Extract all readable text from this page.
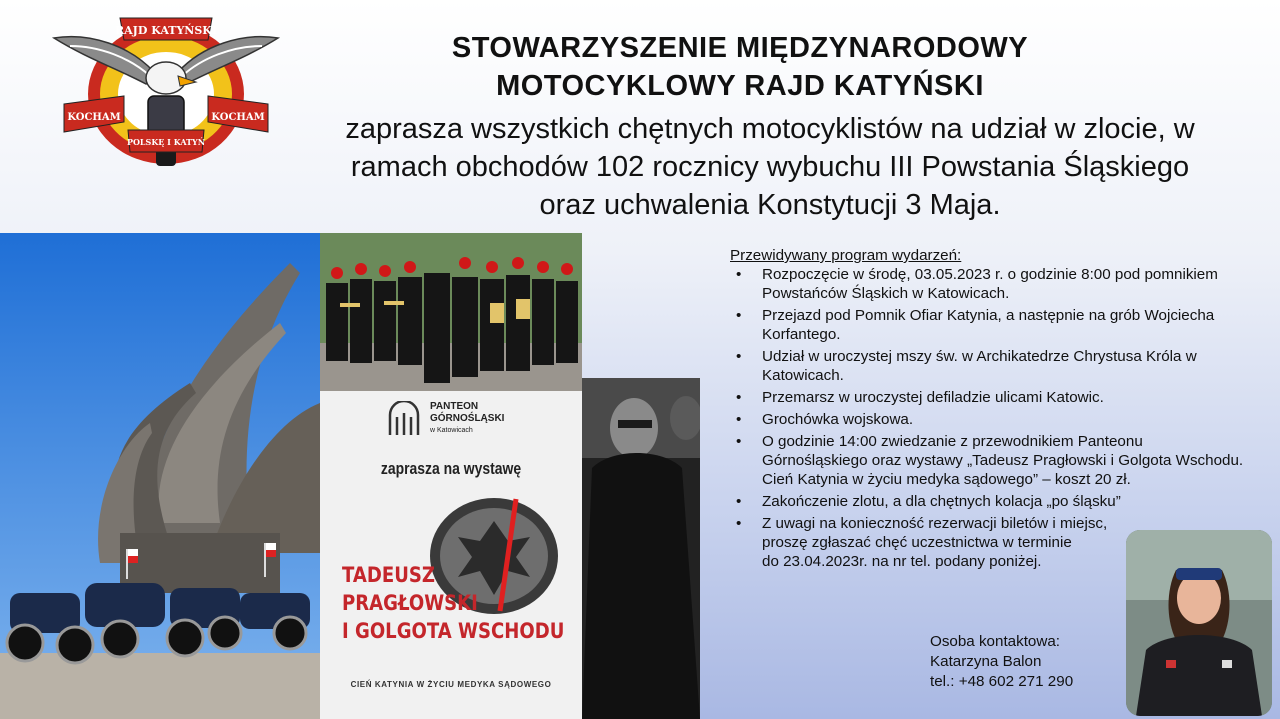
RAJD KATYŃSKI
KOCHAM	KOCHAM
POLSKĘ I KATYŃ
STOWARZYSZENIE MIĘDZYNARODOWY
MOTOCYKLOWY RAJD KATYŃSKI
zaprasza wszystkich chętnych motocyklistów na udział w zlocie, w
ramach obchodów 102 rocznicy wybuchu III Powstania Śląskiego
oraz uchwalenia Konstytucji 3 Maja.
PANTEON
GÓRNOŚLĄSKI
w Katowicach
zaprasza na wystawę
TADEUSZ
PRAGŁOWSKI
I GOLGOTA WSCHODU
CIEŃ KATYNIA W ŻYCIU MEDYKA SĄDOWEGO
Przewidywany program wydarzeń:
• Rozpoczęcie w środę, 03.05.2023 r. o godzinie 8:00 pod pomnikiem Powstańców Śląskich w Katowicach.
• Przejazd pod Pomnik Ofiar Katynia, a następnie na grób Wojciecha Korfantego.
• Udział w uroczystej mszy św. w Archikatedrze Chrystusa Króla w Katowicach.
• Przemarsz w uroczystej defiladzie ulicami Katowic.
• Grochówka wojskowa.
• O godzinie 14:00 zwiedzanie z przewodnikiem Panteonu Górnośląskiego oraz wystawy „Tadeusz Pragłowski i Golgota Wschodu. Cień Katynia w życiu medyka sądowego” – koszt 20 zł.
• Zakończenie zlotu, a dla chętnych kolacja „po śląsku”
• Z uwagi na konieczność rezerwacji biletów i miejsc,
proszę zgłaszać chęć uczestnictwa w terminie
do 23.04.2023r. na nr tel. podany poniżej.
Osoba kontaktowa:
Katarzyna Balon
tel.: +48 602 271 290
